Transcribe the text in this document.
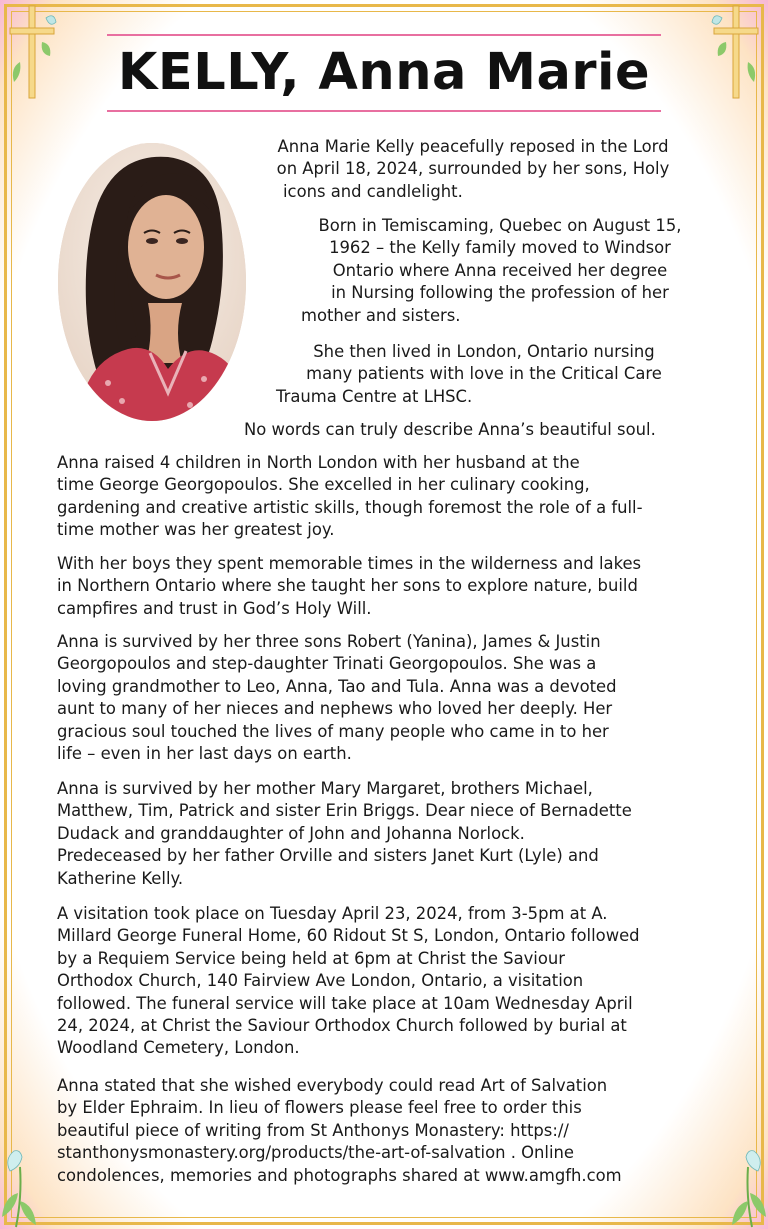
KELLY, Anna Marie

Anna Marie Kelly peacefully reposed in the Lord
on April 18, 2024, surrounded by her sons, Holy
icons and candlelight.

Born in Temiscaming, Quebec on August 15,
1962 – the Kelly family moved to Windsor
Ontario where Anna received her degree
in Nursing following the profession of her
mother and sisters.

She then lived in London, Ontario nursing
many patients with love in the Critical Care
Trauma Centre at LHSC.

No words can truly describe Anna’s beautiful soul.

Anna raised 4 children in North London with her husband at the
time George Georgopoulos. She excelled in her culinary cooking,
gardening and creative artistic skills, though foremost the role of a full-
time mother was her greatest joy.

With her boys they spent memorable times in the wilderness and lakes
in Northern Ontario where she taught her sons to explore nature, build
campfires and trust in God’s Holy Will.

Anna is survived by her three sons Robert (Yanina), James & Justin
Georgopoulos and step-daughter Trinati Georgopoulos. She was a
loving grandmother to Leo, Anna, Tao and Tula. Anna was a devoted
aunt to many of her nieces and nephews who loved her deeply. Her
gracious soul touched the lives of many people who came in to her
life – even in her last days on earth.

Anna is survived by her mother Mary Margaret, brothers Michael,
Matthew, Tim, Patrick and sister Erin Briggs. Dear niece of Bernadette
Dudack and granddaughter of John and Johanna Norlock.
Predeceased by her father Orville and sisters Janet Kurt (Lyle) and
Katherine Kelly.

A visitation took place on Tuesday April 23, 2024, from 3-5pm at A.
Millard George Funeral Home, 60 Ridout St S, London, Ontario followed
by a Requiem Service being held at 6pm at Christ the Saviour
Orthodox Church, 140 Fairview Ave London, Ontario, a visitation
followed. The funeral service will take place at 10am Wednesday April
24, 2024, at Christ the Saviour Orthodox Church followed by burial at
Woodland Cemetery, London.

Anna stated that she wished everybody could read Art of Salvation
by Elder Ephraim. In lieu of flowers please feel free to order this
beautiful piece of writing from St Anthonys Monastery: https://
stanthonysmonastery.org/products/the-art-of-salvation . Online
condolences, memories and photographs shared at www.amgfh.com
